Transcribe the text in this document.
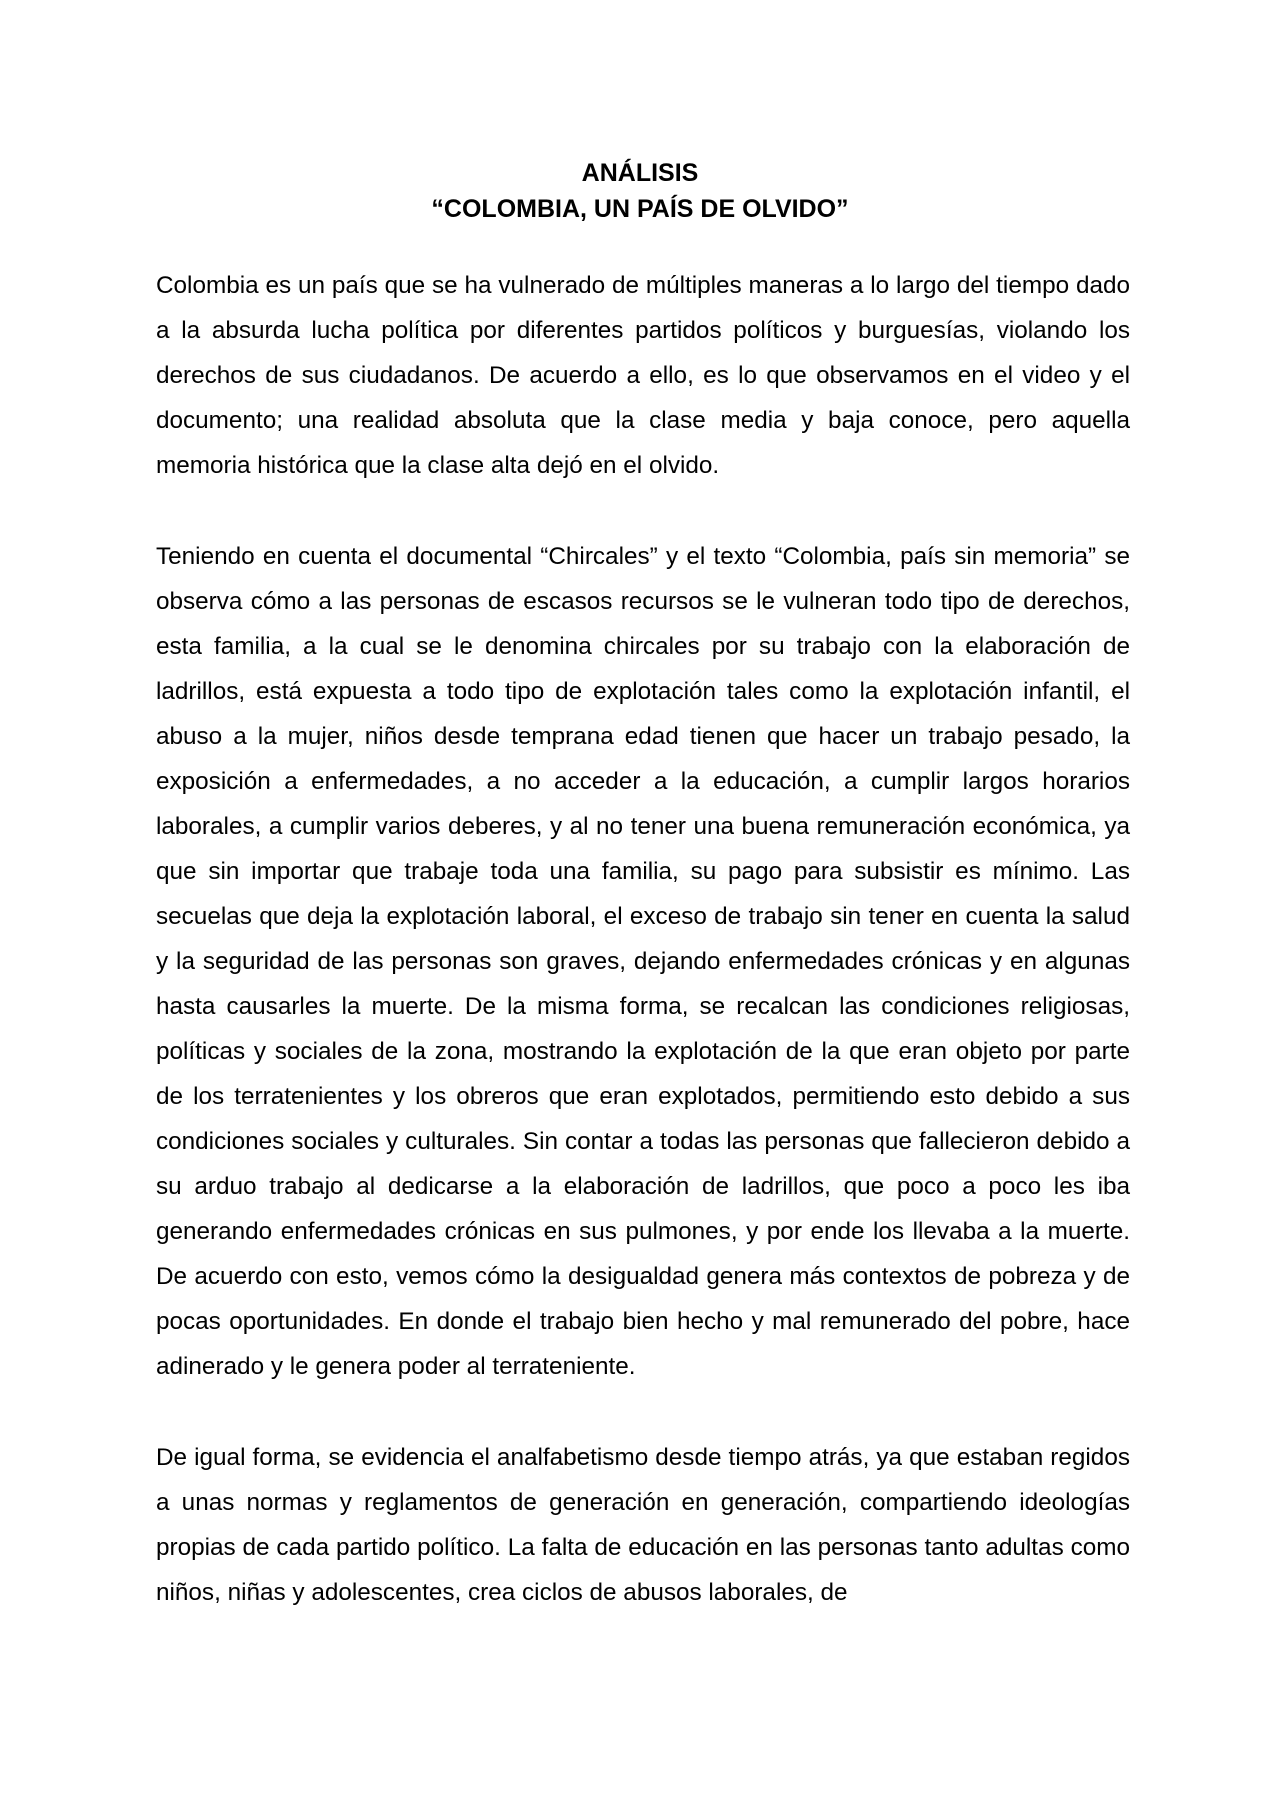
ANÁLISIS
“COLOMBIA, UN PAÍS DE OLVIDO”

Colombia es un país que se ha vulnerado de múltiples maneras a lo largo del tiempo dado a la absurda lucha política por diferentes partidos políticos y burguesías, violando los derechos de sus ciudadanos. De acuerdo a ello, es lo que observamos en el video y el documento; una realidad absoluta que la clase media y baja conoce, pero aquella memoria histórica que la clase alta dejó en el olvido.

Teniendo en cuenta el documental “Chircales” y el texto “Colombia, país sin memoria” se observa cómo a las personas de escasos recursos se le vulneran todo tipo de derechos, esta familia, a la cual se le denomina chircales por su trabajo con la elaboración de ladrillos, está expuesta a todo tipo de explotación tales como la explotación infantil, el abuso a la mujer, niños desde temprana edad tienen que hacer un trabajo pesado, la exposición a enfermedades, a no acceder a la educación, a cumplir largos horarios laborales, a cumplir varios deberes, y al no tener una buena remuneración económica, ya que sin importar que trabaje toda una familia, su pago para subsistir es mínimo. Las secuelas que deja la explotación laboral, el exceso de trabajo sin tener en cuenta la salud y la seguridad de las personas son graves, dejando enfermedades crónicas y en algunas hasta causarles la muerte. De la misma forma, se recalcan las condiciones religiosas, políticas y sociales de la zona, mostrando la explotación de la que eran objeto por parte de los terratenientes y los obreros que eran explotados, permitiendo esto debido a sus condiciones sociales y culturales. Sin contar a todas las personas que fallecieron debido a su arduo trabajo al dedicarse a la elaboración de ladrillos, que poco a poco les iba generando enfermedades crónicas en sus pulmones, y por ende los llevaba a la muerte. De acuerdo con esto, vemos cómo la desigualdad genera más contextos de pobreza y de pocas oportunidades. En donde el trabajo bien hecho y mal remunerado del pobre, hace adinerado y le genera poder al terrateniente.

De igual forma, se evidencia el analfabetismo desde tiempo atrás, ya que estaban regidos a unas normas y reglamentos de generación en generación, compartiendo ideologías propias de cada partido político. La falta de educación en las personas tanto adultas como niños, niñas y adolescentes, crea ciclos de abusos laborales, de
